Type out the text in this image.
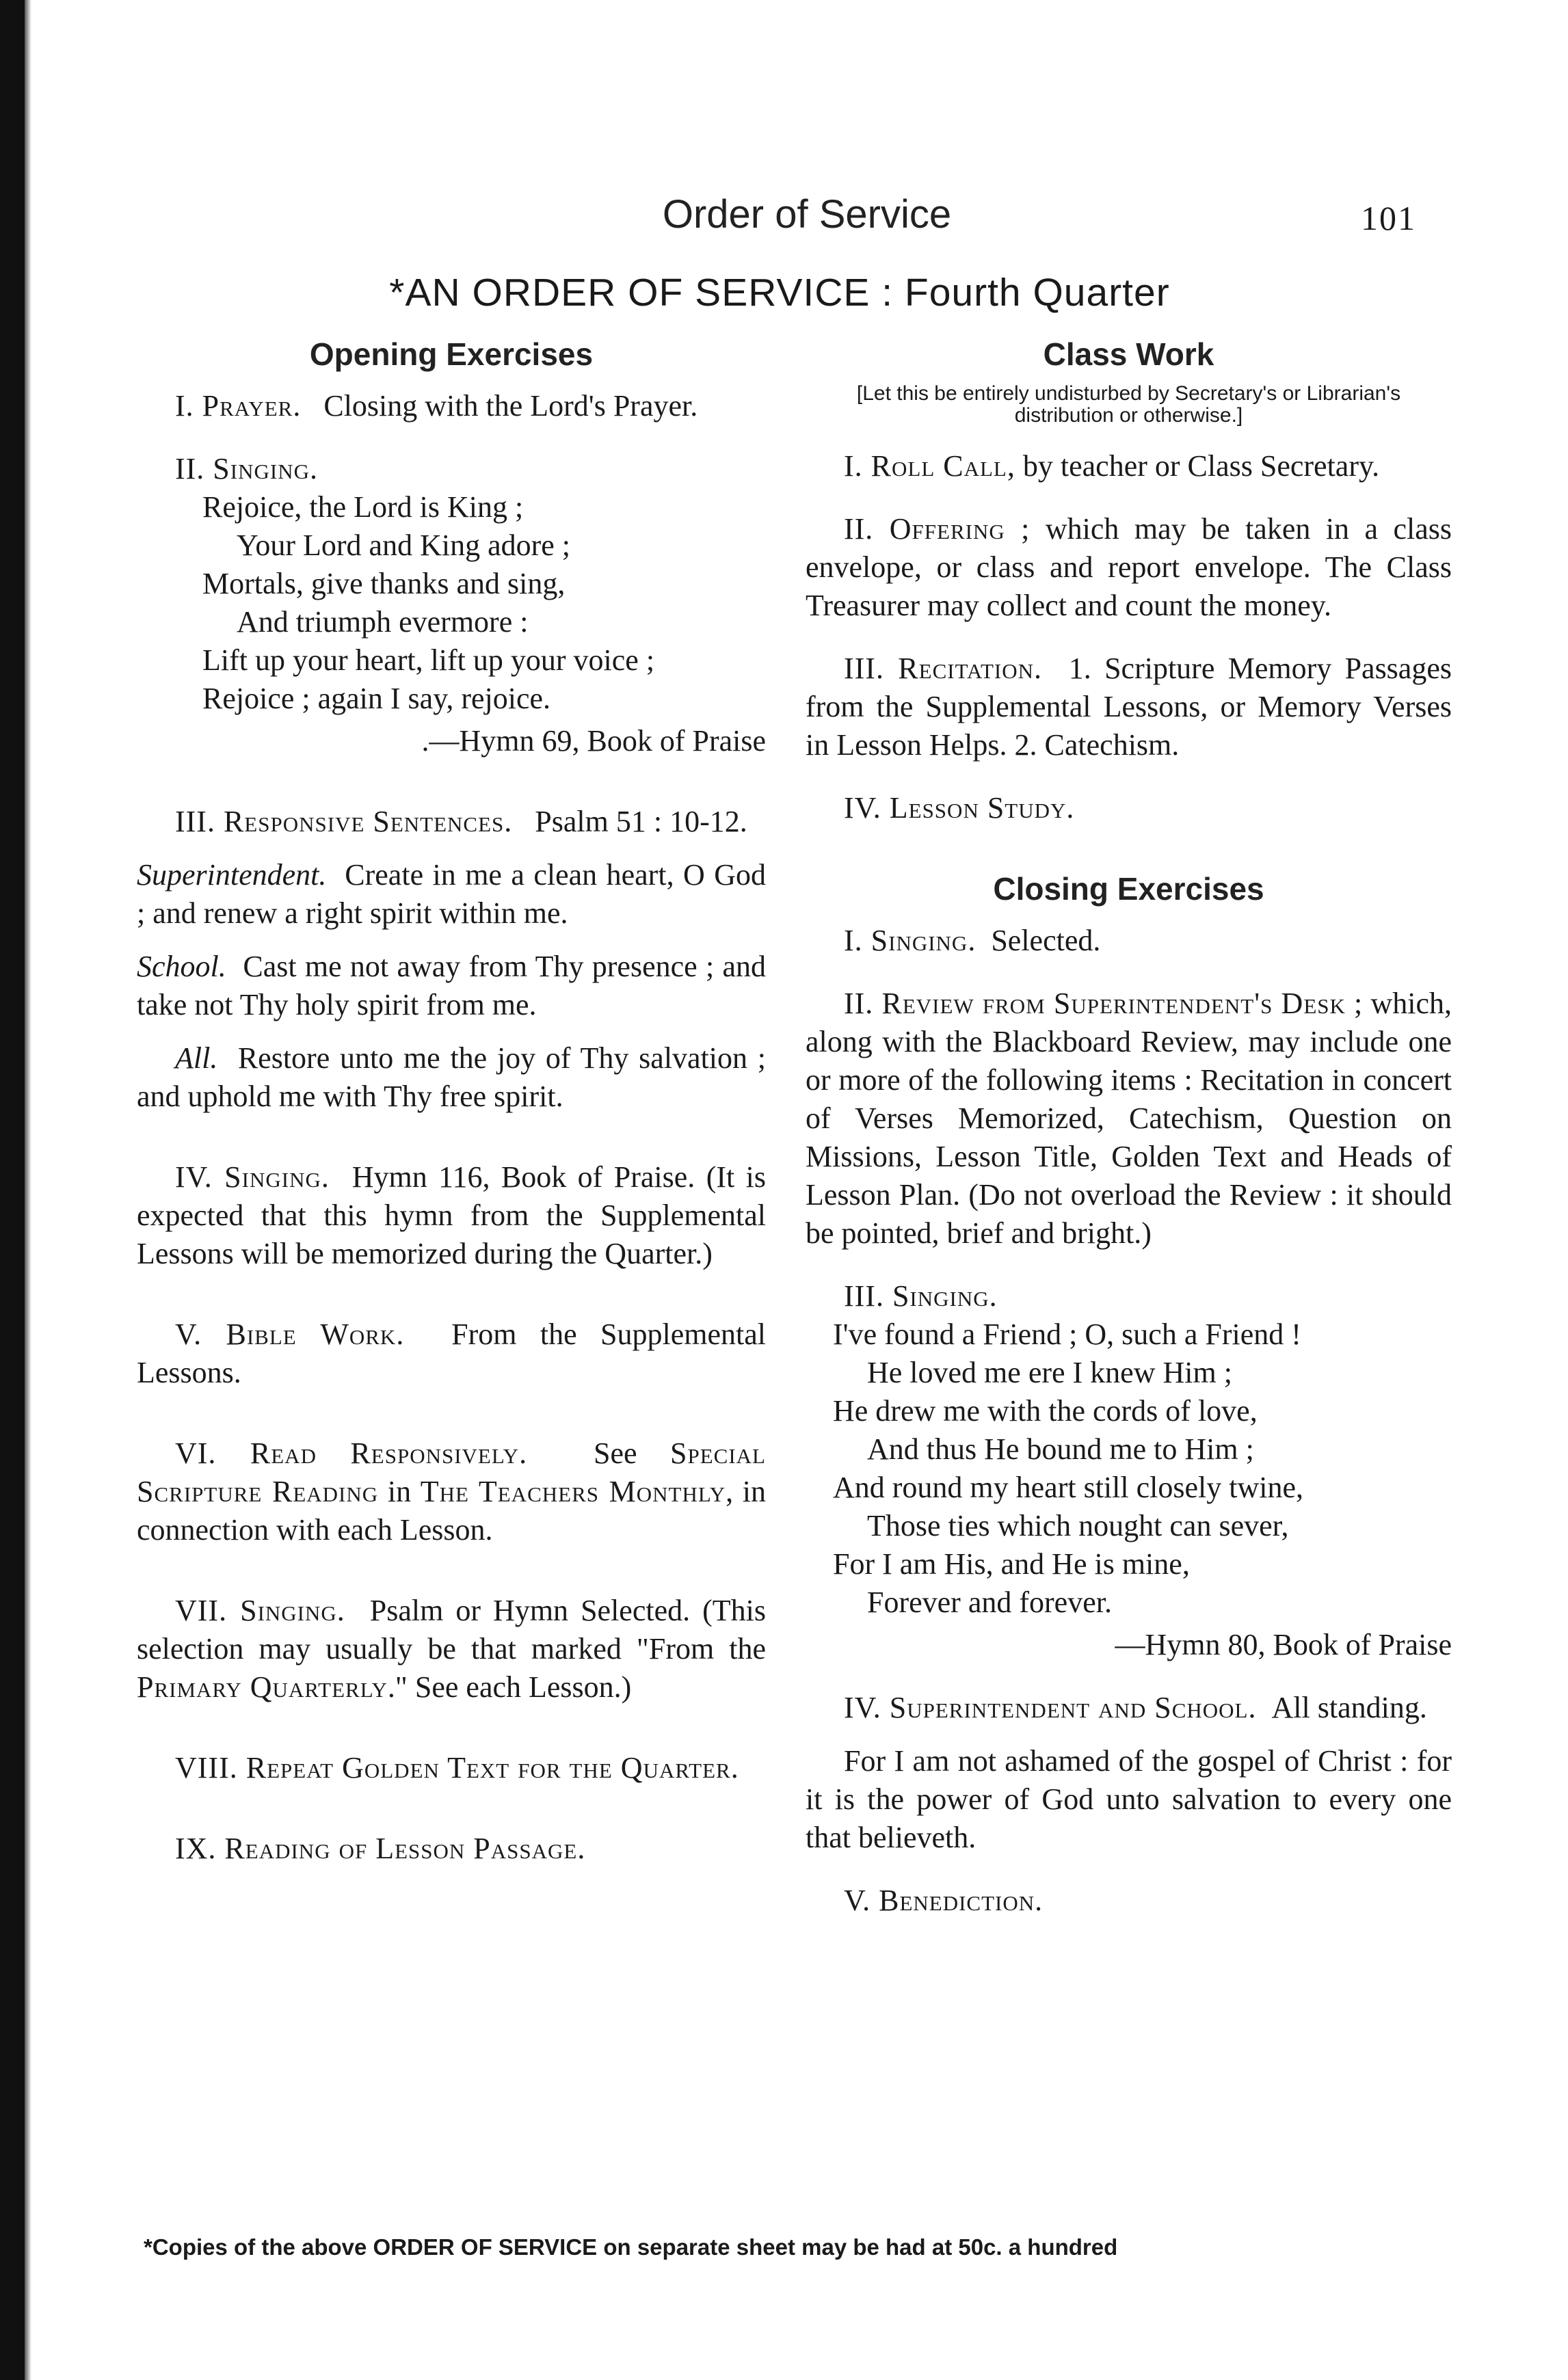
Order of Service	101
*AN ORDER OF SERVICE : Fourth Quarter
Opening Exercises

I. Prayer. Closing with the Lord's Prayer.

II. Singing.

Rejoice, the Lord is King ;
Your Lord and King adore ;
Mortals, give thanks and sing,
And triumph evermore :
Lift up your heart, lift up your voice ;
Rejoice ; again I say, rejoice.
.—Hymn 69, Book of Praise

III. Responsive Sentences. Psalm 51 : 10-12.

Superintendent. Create in me a clean heart, O God ; and renew a right spirit within me.

School. Cast me not away from Thy presence ; and take not Thy holy spirit from me.

All. Restore unto me the joy of Thy salvation ; and uphold me with Thy free spirit.

IV. Singing. Hymn 116, Book of Praise. (It is expected that this hymn from the Supplemental Lessons will be memorized during the Quarter.)

V. Bible Work. From the Supplemental Lessons.

VI. Read Responsively. See Special Scripture Reading in The Teachers Monthly, in connection with each Lesson.

VII. Singing. Psalm or Hymn Selected. (This selection may usually be that marked "From the Primary Quarterly." See each Lesson.)

VIII. Repeat Golden Text for the Quarter.

IX. Reading of Lesson Passage.

Class Work
[Let this be entirely undisturbed by Secretary's or Librarian's distribution or otherwise.]

I. Roll Call, by teacher or Class Secretary.

II. Offering ; which may be taken in a class envelope, or class and report envelope. The Class Treasurer may collect and count the money.

III. Recitation. 1. Scripture Memory Passages from the Supplemental Lessons, or Memory Verses in Lesson Helps. 2. Catechism.

IV. Lesson Study.

Closing Exercises

I. Singing. Selected.

II. Review from Superintendent's Desk ; which, along with the Blackboard Review, may include one or more of the following items : Recitation in concert of Verses Memorized, Catechism, Question on Missions, Lesson Title, Golden Text and Heads of Lesson Plan. (Do not overload the Review : it should be pointed, brief and bright.)

III. Singing.

I've found a Friend ; O, such a Friend !
He loved me ere I knew Him ;
He drew me with the cords of love,
And thus He bound me to Him ;
And round my heart still closely twine,
Those ties which nought can sever,
For I am His, and He is mine,
Forever and forever.
—Hymn 80, Book of Praise

IV. Superintendent and School. All standing.

For I am not ashamed of the gospel of Christ : for it is the power of God unto salvation to every one that believeth.

V. Benediction.

*Copies of the above ORDER OF SERVICE on separate sheet may be had at 50c. a hundred
